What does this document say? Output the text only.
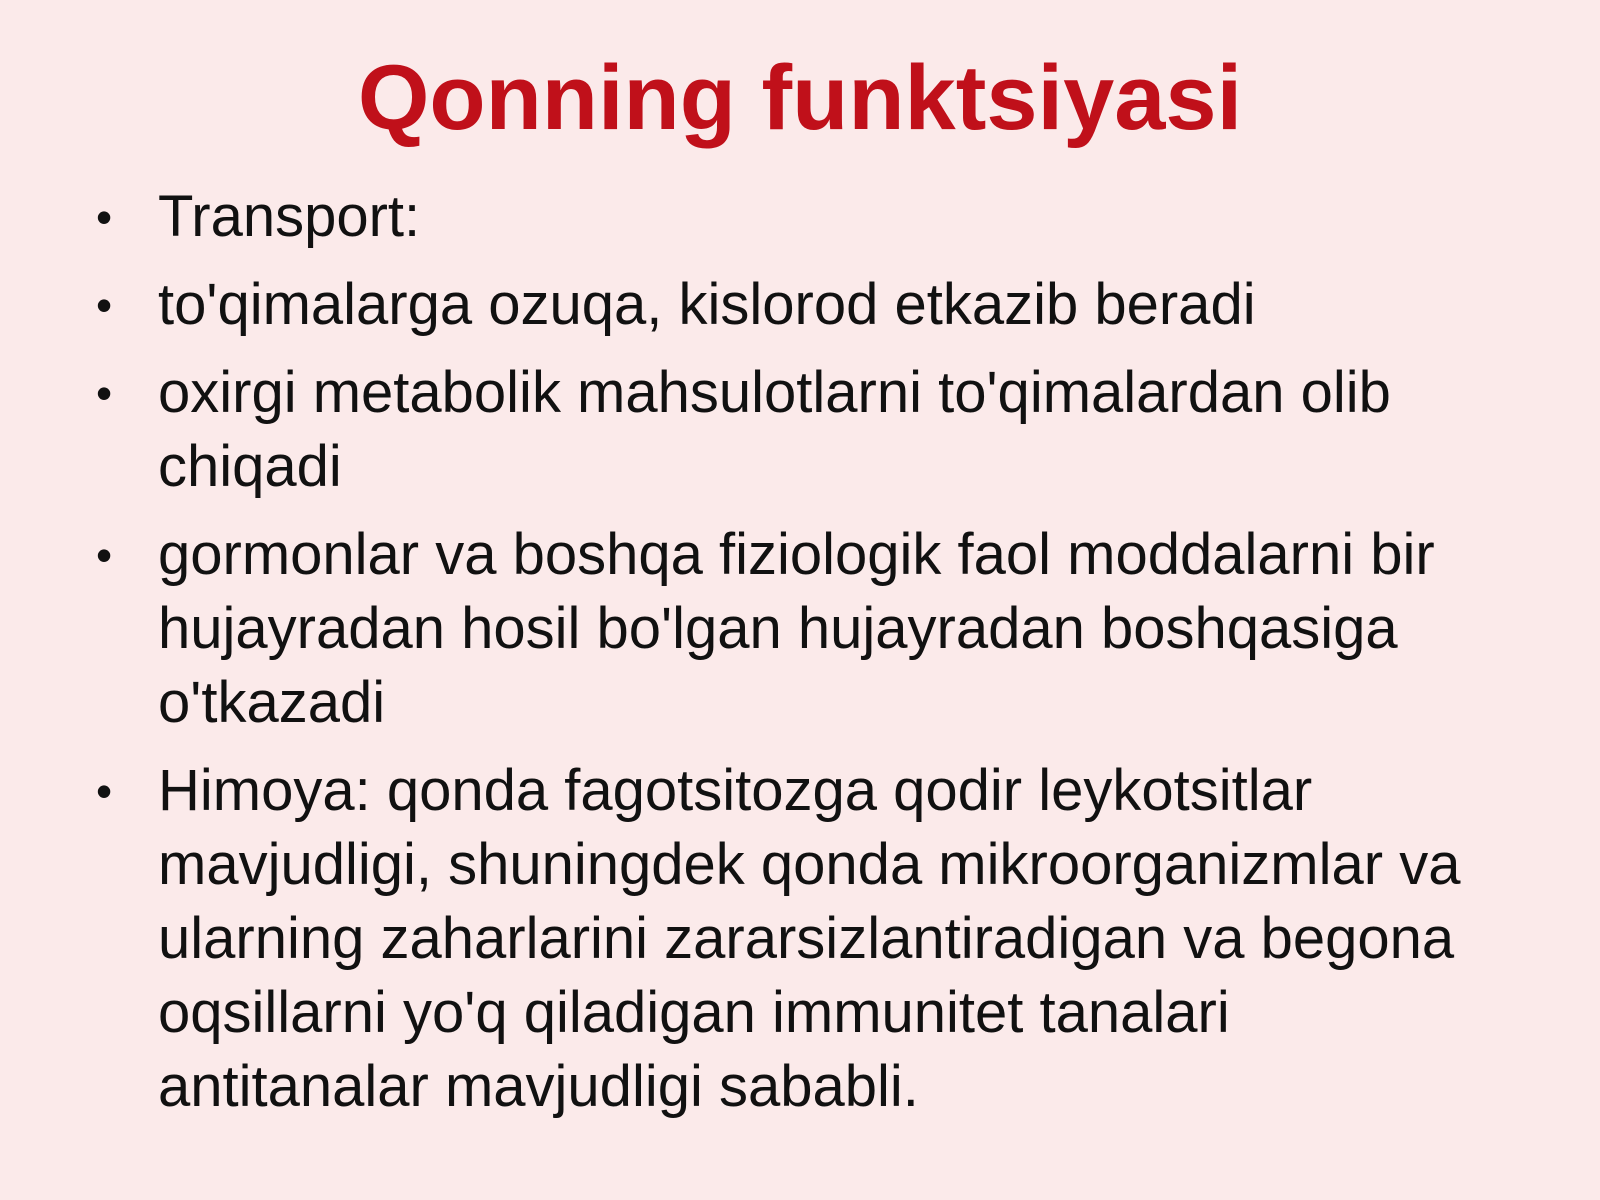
Qonning funktsiyasi
• Transport:
• to'qimalarga ozuqa, kislorod etkazib beradi
• oxirgi metabolik mahsulotlarni to'qimalardan olib chiqadi
• gormonlar va boshqa fiziologik faol moddalarni bir hujayradan hosil bo'lgan hujayradan boshqasiga o'tkazadi
• Himoya: qonda fagotsitozga qodir leykotsitlar mavjudligi, shuningdek qonda mikroorganizmlar va ularning zaharlarini zararsizlantiradigan va begona oqsillarni yo'q qiladigan immunitet tanalari antitanalar mavjudligi sababli.
